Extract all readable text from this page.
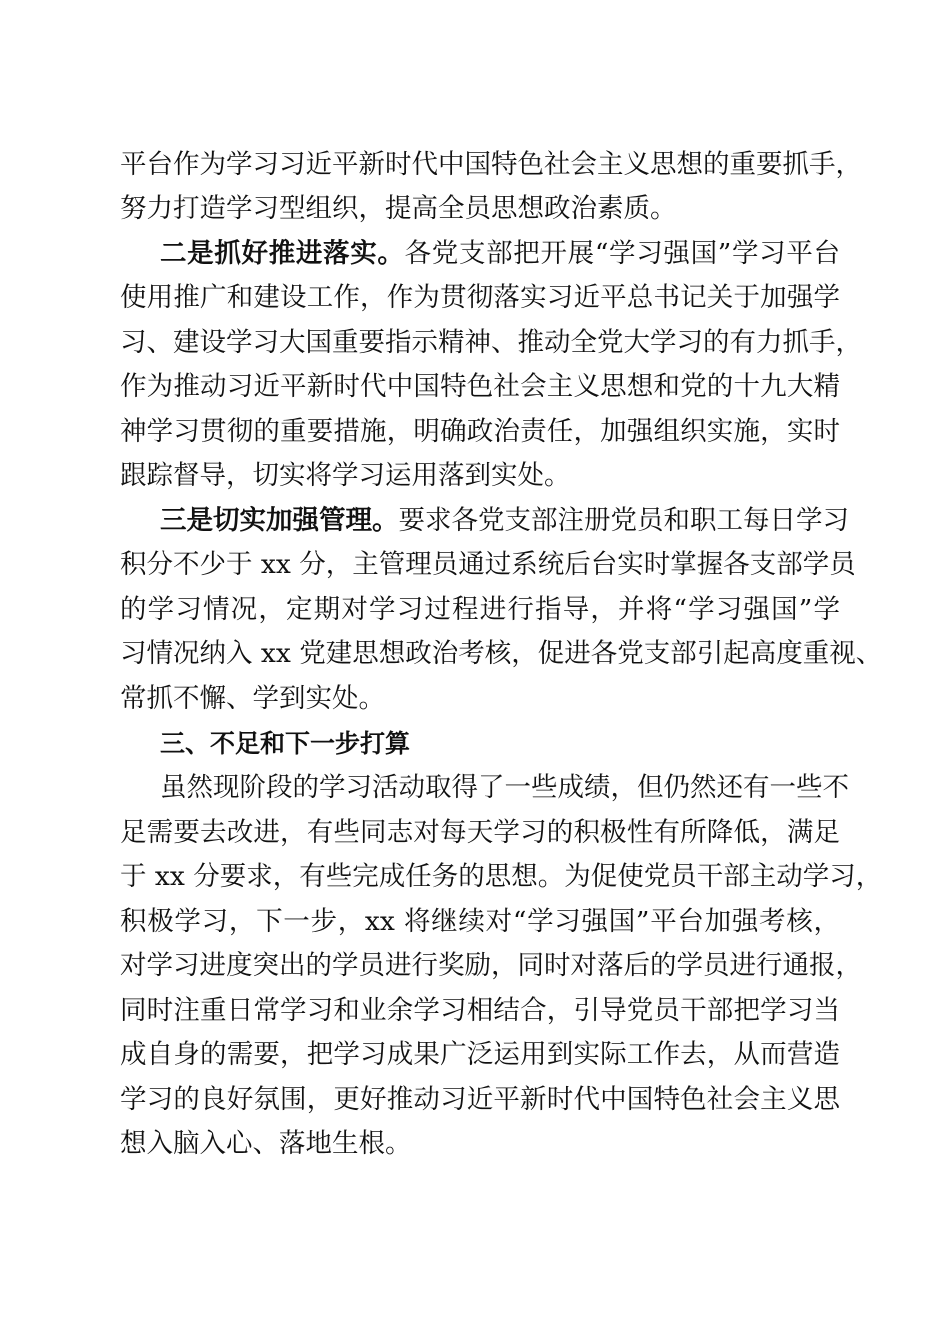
平台作为学习习近平新时代中国特色社会主义思想的重要抓手，

努力打造学习型组织，提高全员思想政治素质。

二是抓好推进落实。各党支部把开展“学习强国”学习平台

使用推广和建设工作，作为贯彻落实习近平总书记关于加强学

习、建设学习大国重要指示精神、推动全党大学习的有力抓手，

作为推动习近平新时代中国特色社会主义思想和党的十九大精

神学习贯彻的重要措施，明确政治责任，加强组织实施，实时

跟踪督导，切实将学习运用落到实处。

三是切实加强管理。要求各党支部注册党员和职工每日学习

积分不少于 xx 分，主管理员通过系统后台实时掌握各支部学员

的学习情况，定期对学习过程进行指导，并将“学习强国”学

习情况纳入 xx 党建思想政治考核，促进各党支部引起高度重视、

常抓不懈、学到实处。

三、不足和下一步打算

虽然现阶段的学习活动取得了一些成绩，但仍然还有一些不

足需要去改进，有些同志对每天学习的积极性有所降低，满足

于 xx 分要求，有些完成任务的思想。为促使党员干部主动学习，

积极学习，下一步，xx 将继续对“学习强国”平台加强考核，

对学习进度突出的学员进行奖励，同时对落后的学员进行通报，

同时注重日常学习和业余学习相结合，引导党员干部把学习当

成自身的需要，把学习成果广泛运用到实际工作去，从而营造

学习的良好氛围，更好推动习近平新时代中国特色社会主义思

想入脑入心、落地生根。
